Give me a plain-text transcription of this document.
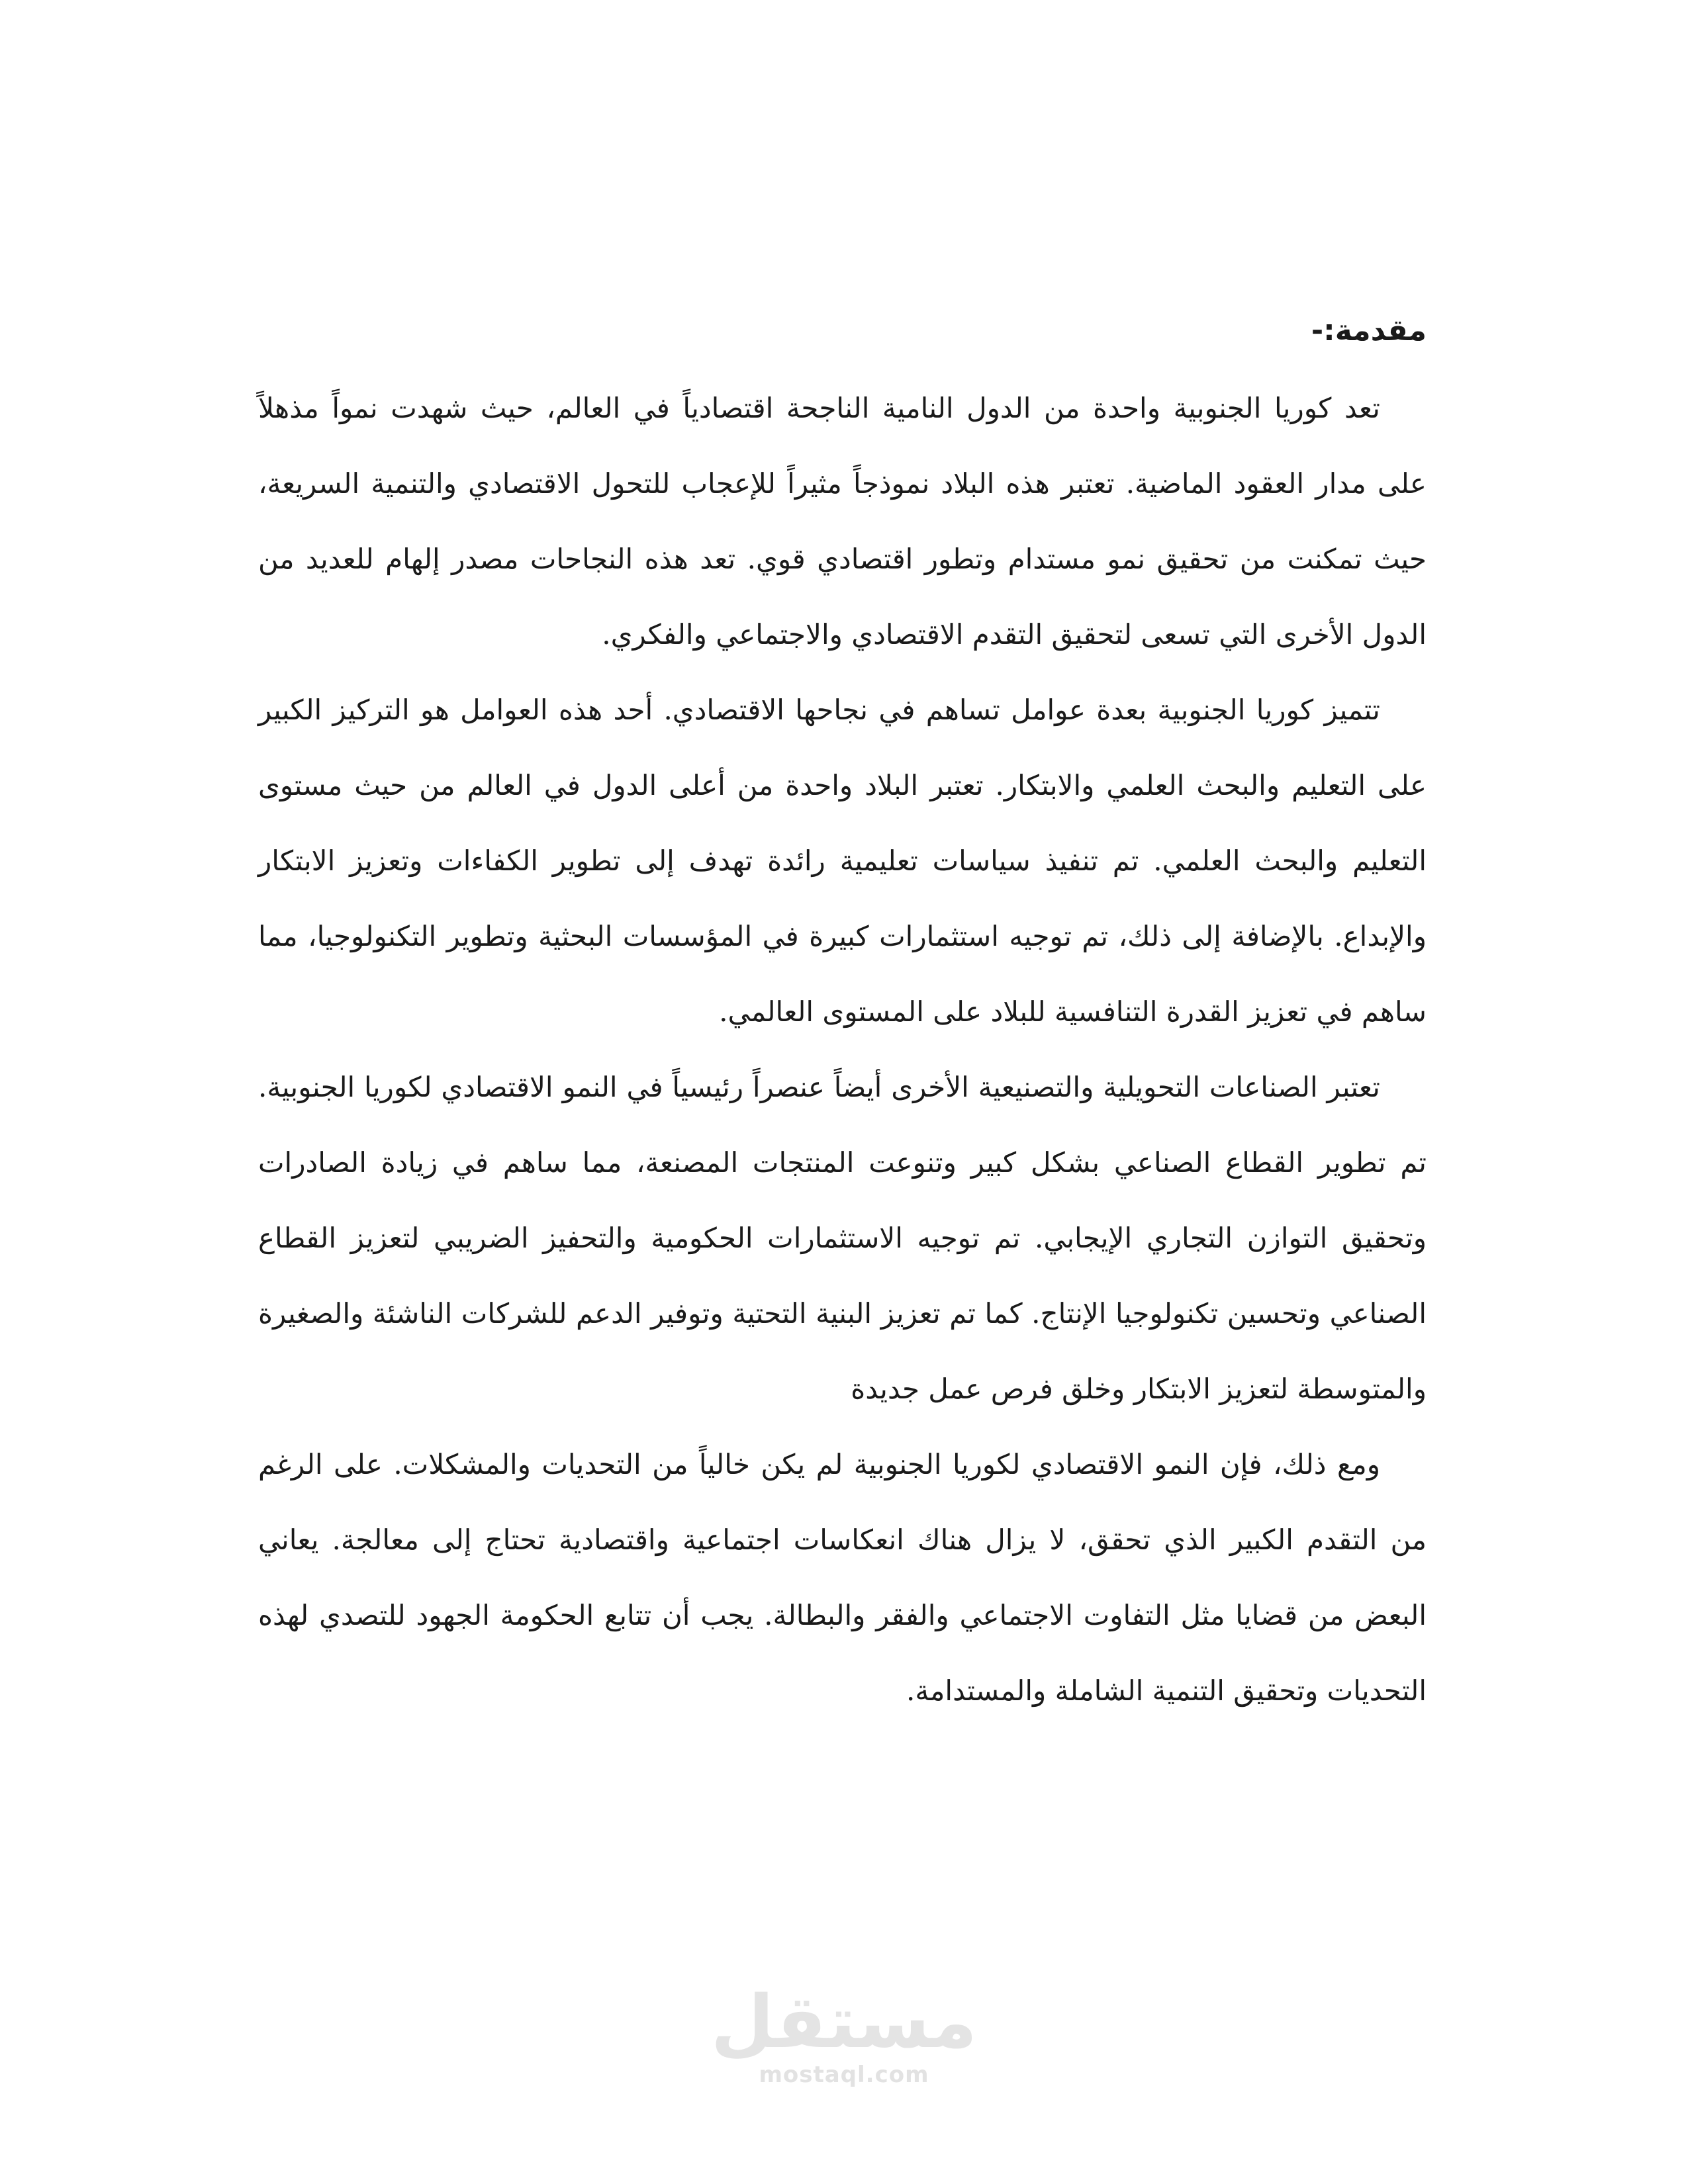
مقدمة:-

تعد كوريا الجنوبية واحدة من الدول النامية الناجحة اقتصادياً في العالم، حيث شهدت نمواً مذهلاً على مدار العقود الماضية. تعتبر هذه البلاد نموذجاً مثيراً للإعجاب للتحول الاقتصادي والتنمية السريعة، حيث تمكنت من تحقيق نمو مستدام وتطور اقتصادي قوي. تعد هذه النجاحات مصدر إلهام للعديد من الدول الأخرى التي تسعى لتحقيق التقدم الاقتصادي والاجتماعي والفكري.

تتميز كوريا الجنوبية بعدة عوامل تساهم في نجاحها الاقتصادي. أحد هذه العوامل هو التركيز الكبير على التعليم والبحث العلمي والابتكار. تعتبر البلاد واحدة من أعلى الدول في العالم من حيث مستوى التعليم والبحث العلمي. تم تنفيذ سياسات تعليمية رائدة تهدف إلى تطوير الكفاءات وتعزيز الابتكار والإبداع. بالإضافة إلى ذلك، تم توجيه استثمارات كبيرة في المؤسسات البحثية وتطوير التكنولوجيا، مما ساهم في تعزيز القدرة التنافسية للبلاد على المستوى العالمي.

تعتبر الصناعات التحويلية والتصنيعية الأخرى أيضاً عنصراً رئيسياً في النمو الاقتصادي لكوريا الجنوبية. تم تطوير القطاع الصناعي بشكل كبير وتنوعت المنتجات المصنعة، مما ساهم في زيادة الصادرات وتحقيق التوازن التجاري الإيجابي. تم توجيه الاستثمارات الحكومية والتحفيز الضريبي لتعزيز القطاع الصناعي وتحسين تكنولوجيا الإنتاج. كما تم تعزيز البنية التحتية وتوفير الدعم للشركات الناشئة والصغيرة والمتوسطة لتعزيز الابتكار وخلق فرص عمل جديدة

ومع ذلك، فإن النمو الاقتصادي لكوريا الجنوبية لم يكن خالياً من التحديات والمشكلات. على الرغم من التقدم الكبير الذي تحقق، لا يزال هناك انعكاسات اجتماعية واقتصادية تحتاج إلى معالجة. يعاني البعض من قضايا مثل التفاوت الاجتماعي والفقر والبطالة. يجب أن تتابع الحكومة الجهود للتصدي لهذه التحديات وتحقيق التنمية الشاملة والمستدامة.

مستقل
mostaql.com
